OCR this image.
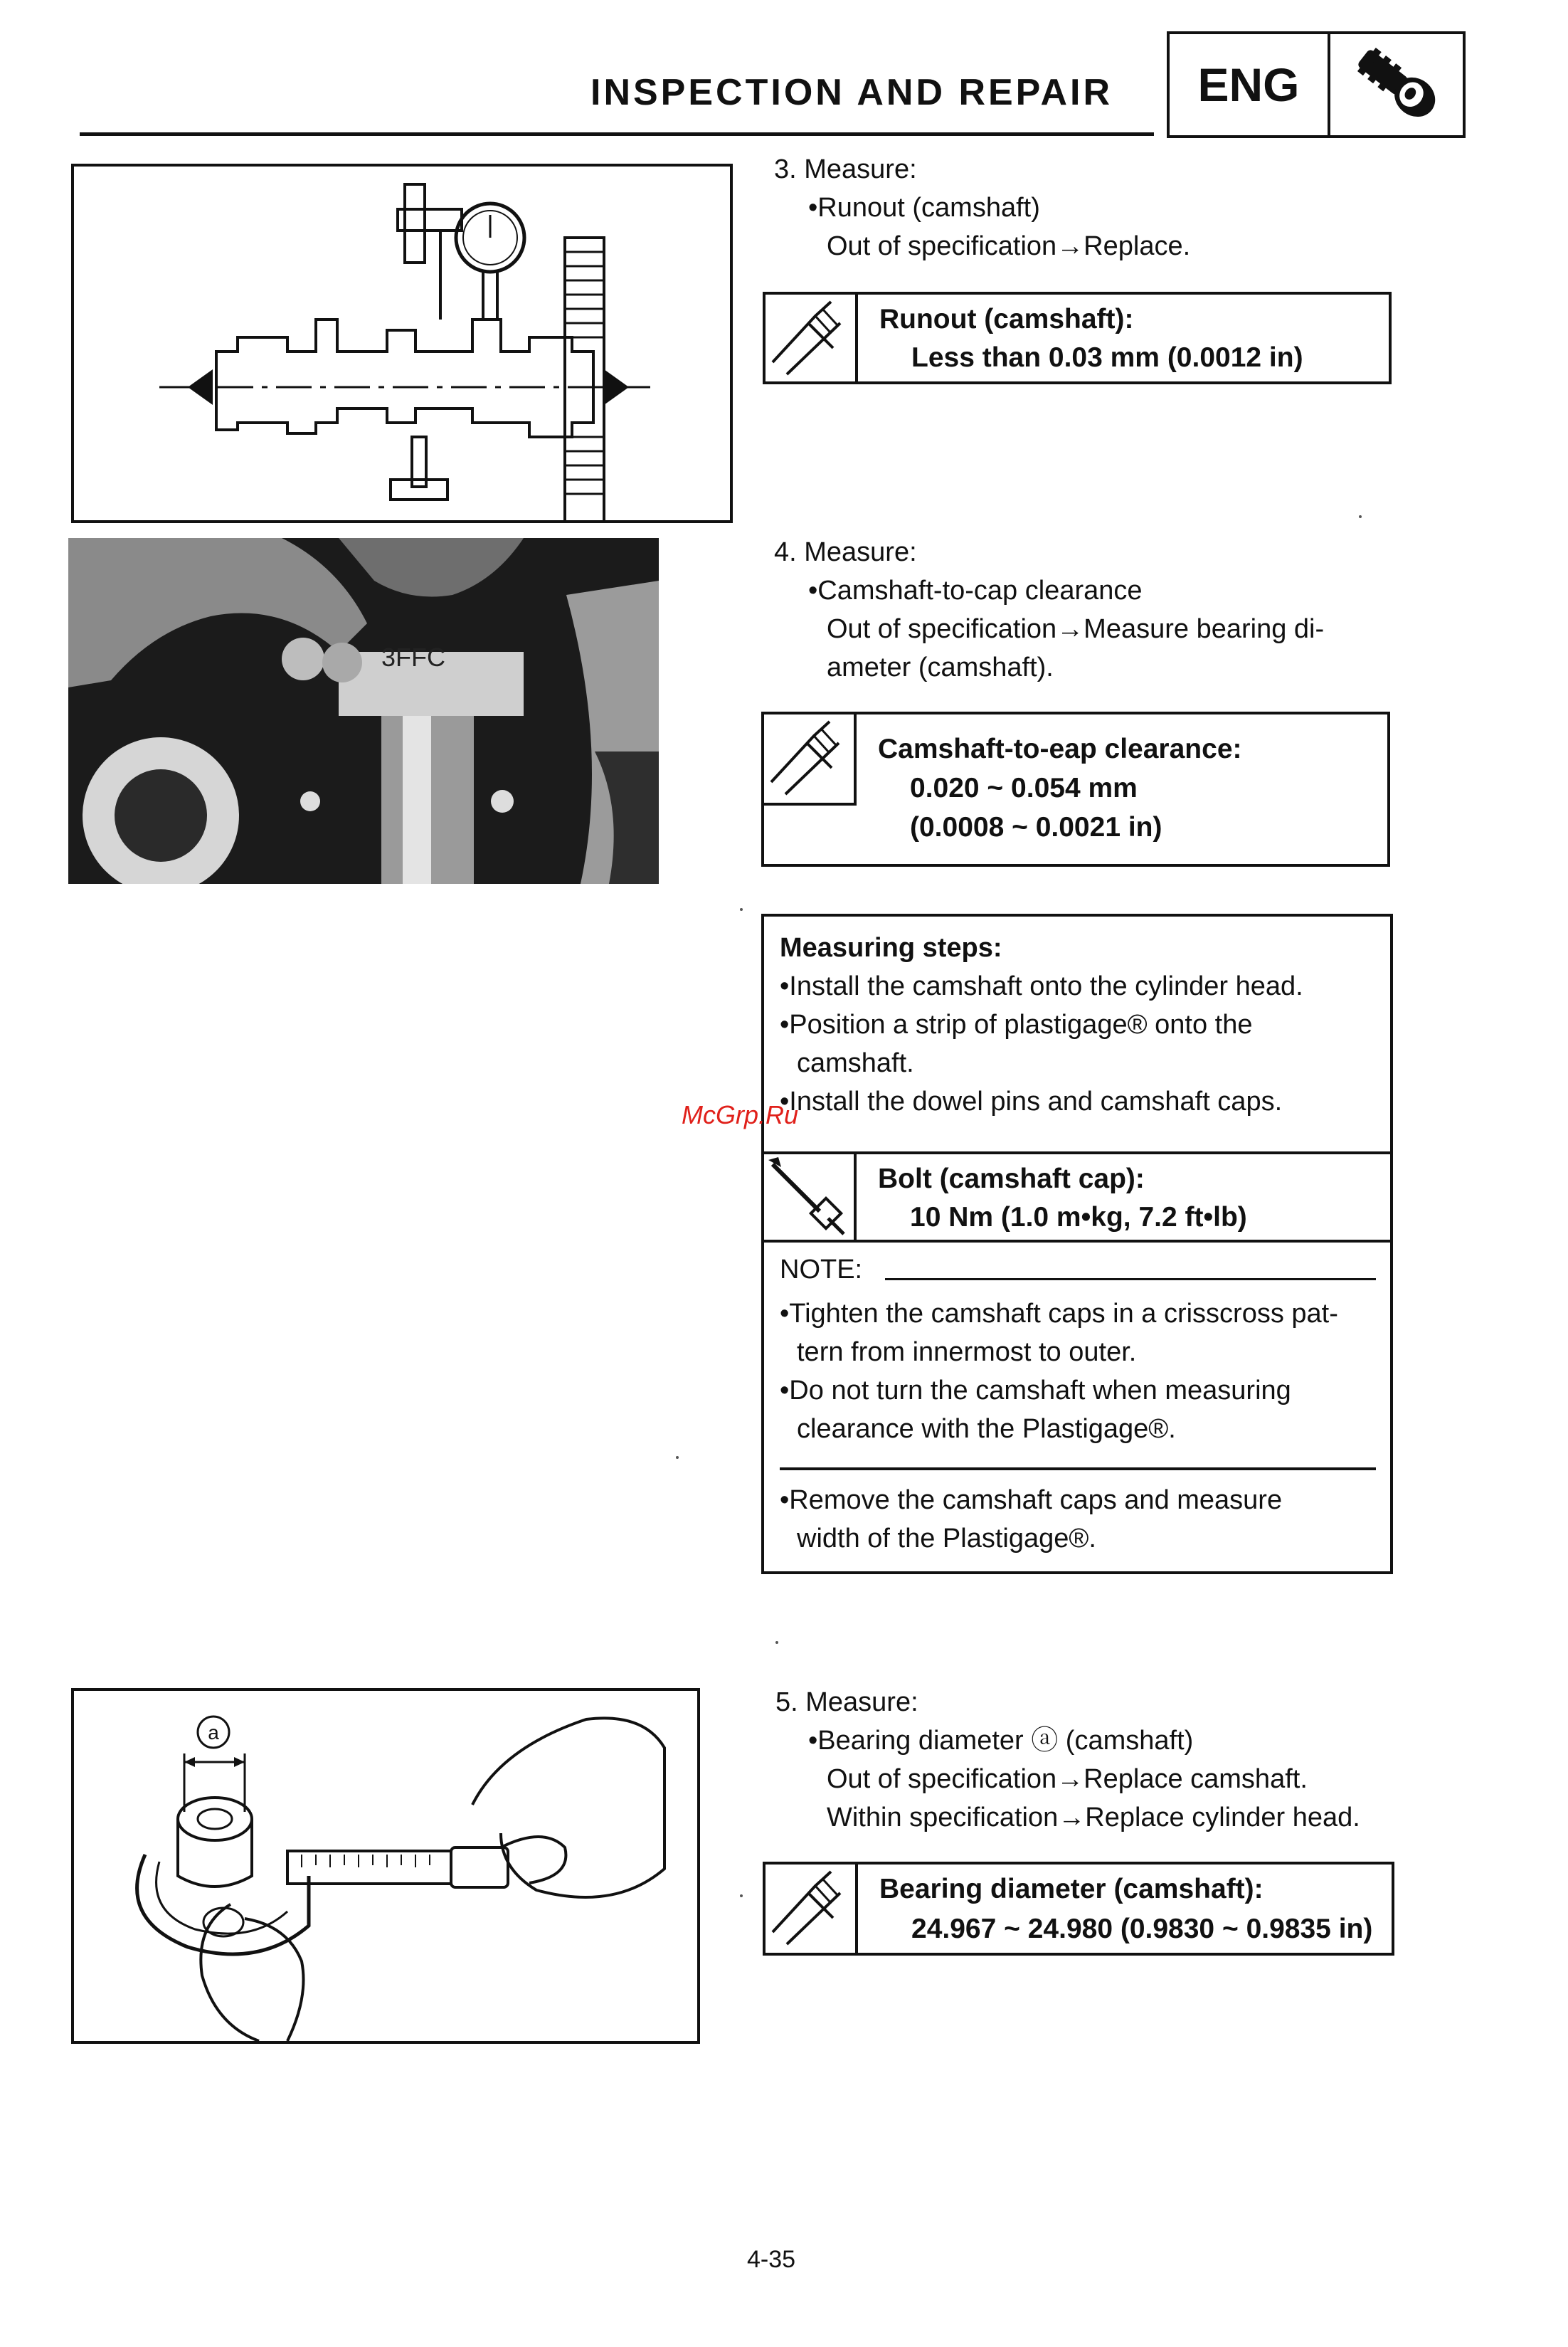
INSPECTION AND REPAIR	ENG
3. Measure:
•Runout (camshaft)
Out of specification→Replace.
Runout (camshaft):
Less than 0.03 mm (0.0012 in)
3FFC
4. Measure:
•Camshaft-to-cap clearance
Out of specification→Measure bearing di-
ameter (camshaft).
Camshaft-to-eap clearance:
0.020 ~ 0.054 mm
(0.0008 ~ 0.0021 in)
Measuring steps:
•Install the camshaft onto the cylinder head.
•Position a strip of plastigage® onto the
camshaft.
•Install the dowel pins and camshaft caps.
Bolt (camshaft cap):
10 Nm (1.0 m•kg, 7.2 ft•lb)
NOTE:
•Tighten the camshaft caps in a crisscross pat-
tern from innermost to outer.
•Do not turn the camshaft when measuring
clearance with the Plastigage®.
•Remove the camshaft caps and measure
width of the Plastigage®.
McGrp.Ru
a
5. Measure:
•Bearing diameter ⓐ (camshaft)
Out of specification→Replace camshaft.
Within specification→Replace cylinder head.
Bearing diameter (camshaft):
24.967 ~ 24.980 (0.9830 ~ 0.9835 in)
4-35
